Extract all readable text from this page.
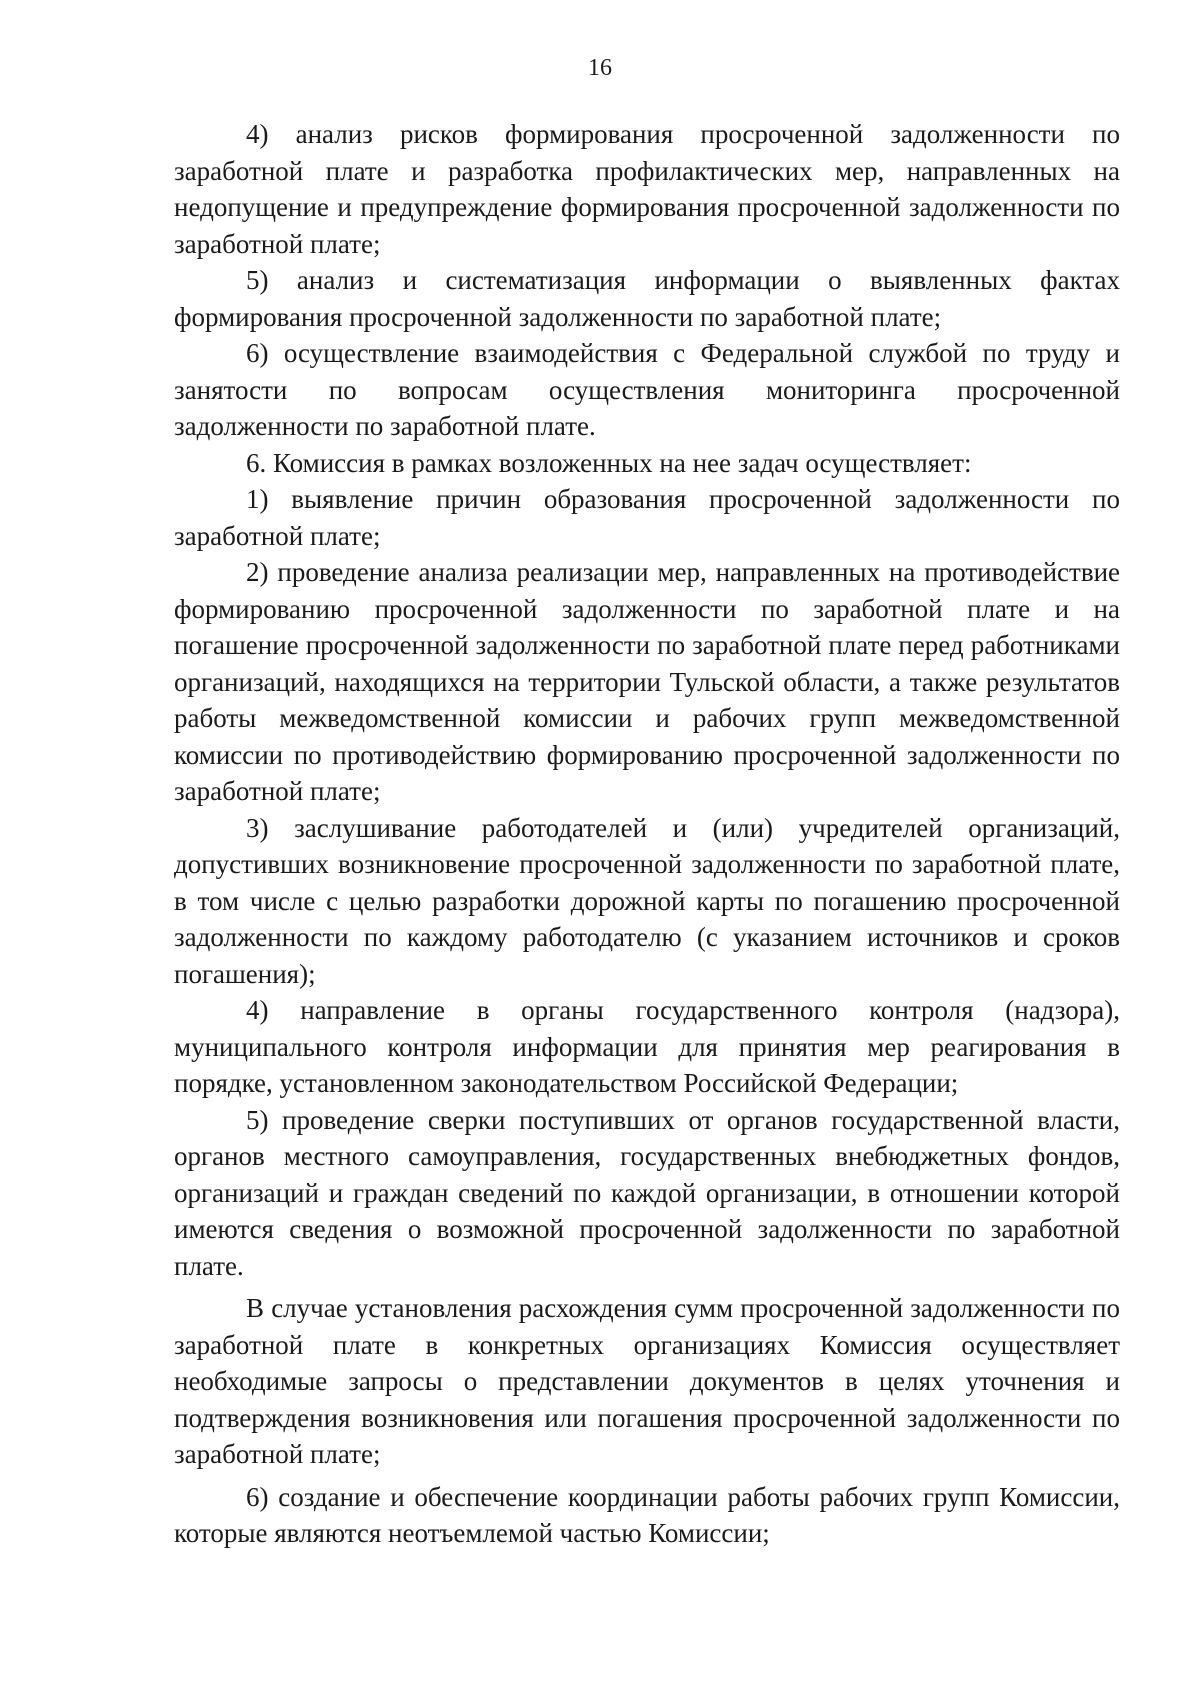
16

4) анализ рисков формирования просроченной задолженности по заработной плате и разработка профилактических мер, направленных на недопущение и предупреждение формирования просроченной задолженности по заработной плате;

5) анализ и систематизация информации о выявленных фактах формирования просроченной задолженности по заработной плате;

6) осуществление взаимодействия с Федеральной службой по труду и занятости по вопросам осуществления мониторинга просроченной задолженности по заработной плате.

6. Комиссия в рамках возложенных на нее задач осуществляет:

1) выявление причин образования просроченной задолженности по заработной плате;

2) проведение анализа реализации мер, направленных на противодействие формированию просроченной задолженности по заработной плате и на погашение просроченной задолженности по заработной плате перед работниками организаций, находящихся на территории Тульской области, а также результатов работы межведомственной комиссии и рабочих групп межведомственной комиссии по противодействию формированию просроченной задолженности по заработной плате;

3) заслушивание работодателей и (или) учредителей организаций, допустивших возникновение просроченной задолженности по заработной плате, в том числе с целью разработки дорожной карты по погашению просроченной задолженности по каждому работодателю (с указанием источников и сроков погашения);

4) направление в органы государственного контроля (надзора), муниципального контроля информации для принятия мер реагирования в порядке, установленном законодательством Российской Федерации;

5) проведение сверки поступивших от органов государственной власти, органов местного самоуправления, государственных внебюджетных фондов, организаций и граждан сведений по каждой организации, в отношении которой имеются сведения о возможной просроченной задолженности по заработной плате.

В случае установления расхождения сумм просроченной задолженности по заработной плате в конкретных организациях Комиссия осуществляет необходимые запросы о представлении документов в целях уточнения и подтверждения возникновения или погашения просроченной задолженности по заработной плате;

6) создание и обеспечение координации работы рабочих групп Комиссии, которые являются неотъемлемой частью Комиссии;
